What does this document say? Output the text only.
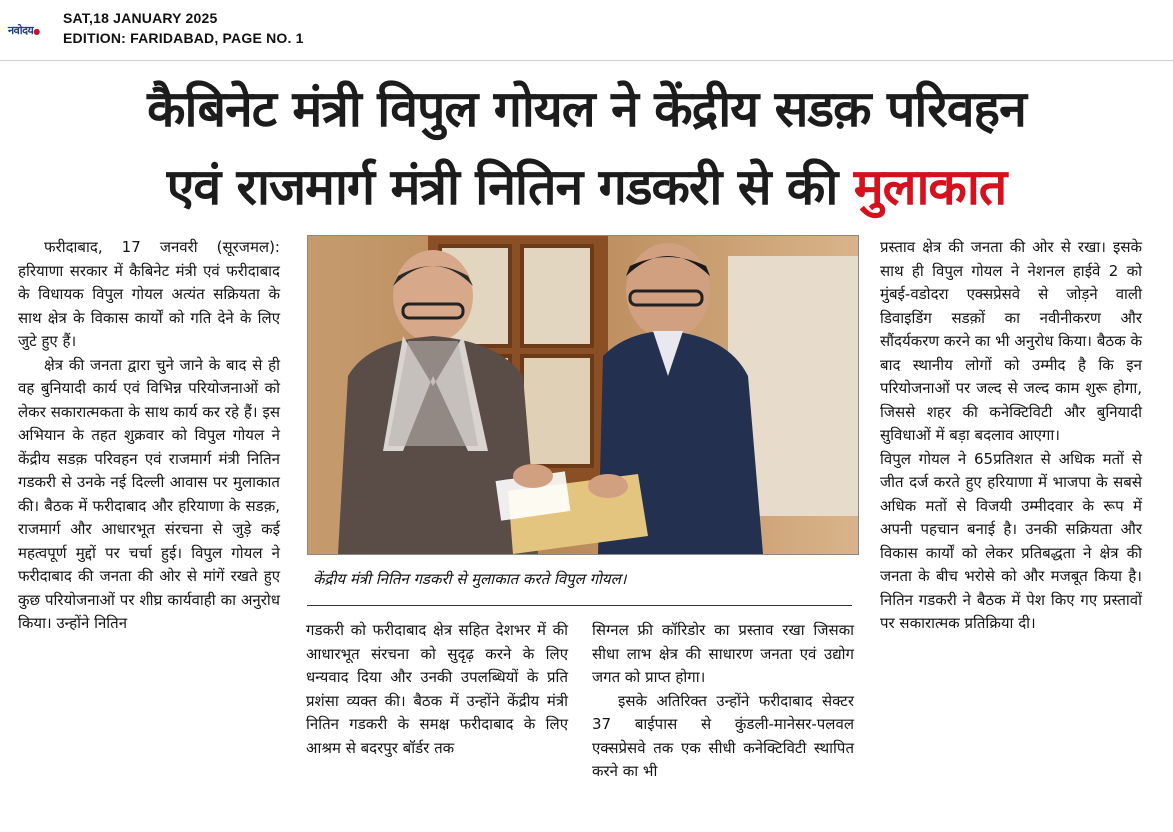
नवोदय●
SAT,18 JANUARY 2025
EDITION: FARIDABAD, PAGE NO. 1
कैबिनेट मंत्री विपुल गोयल ने केंद्रीय सडक़ परिवहन
एवं राजमार्ग मंत्री नितिन गडकरी से की मुलाकात

फरीदाबाद, 17 जनवरी (सूरजमल): हरियाणा सरकार में कैबिनेट मंत्री एवं फरीदाबाद के विधायक विपुल गोयल अत्यंत सक्रियता के साथ क्षेत्र के विकास कार्यों को गति देने के लिए जुटे हुए हैं।

क्षेत्र की जनता द्वारा चुने जाने के बाद से ही वह बुनियादी कार्य एवं विभिन्न परियोजनाओं को लेकर सकारात्मकता के साथ कार्य कर रहे हैं। इस अभियान के तहत शुक्रवार को विपुल गोयल ने केंद्रीय सडक़ परिवहन एवं राजमार्ग मंत्री नितिन गडकरी से उनके नई दिल्ली आवास पर मुलाकात की। बैठक में फरीदाबाद और हरियाणा के सडक़, राजमार्ग और आधारभूत संरचना से जुड़े कई महत्वपूर्ण मुद्दों पर चर्चा हुई। विपुल गोयल ने फरीदाबाद की जनता की ओर से मांगें रखते हुए कुछ परियोजनाओं पर शीघ्र कार्यवाही का अनुरोध किया। उन्होंने नितिन

केंद्रीय मंत्री नितिन गडकरी से मुलाकात करते विपुल गोयल।

गडकरी को फरीदाबाद क्षेत्र सहित देशभर में की आधारभूत संरचना को सुदृढ़ करने के लिए धन्यवाद दिया और उनकी उपलब्धियों के प्रति प्रशंसा व्यक्त की। बैठक में उन्होंने केंद्रीय मंत्री नितिन गडकरी के समक्ष फरीदाबाद के लिए आश्रम से बदरपुर बॉर्डर तक

सिग्नल फ्री कॉरिडोर का प्रस्ताव रखा जिसका सीधा लाभ क्षेत्र की साधारण जनता एवं उद्योग जगत को प्राप्त होगा।

इसके अतिरिक्त उन्होंने फरीदाबाद सेक्टर 37 बाईपास से कुंडली-मानेसर-पलवल एक्सप्रेसवे तक एक सीधी कनेक्टिविटी स्थापित करने का भी

प्रस्ताव क्षेत्र की जनता की ओर से रखा। इसके साथ ही विपुल गोयल ने नेशनल हाईवे 2 को मुंबई-वडोदरा एक्सप्रेसवे से जोड़ने वाली डिवाइडिंग सडक़ों का नवीनीकरण और सौंदर्यकरण करने का भी अनुरोध किया। बैठक के बाद स्थानीय लोगों को उम्मीद है कि इन परियोजनाओं पर जल्द से जल्द काम शुरू होगा, जिससे शहर की कनेक्टिविटी और बुनियादी सुविधाओं में बड़ा बदलाव आएगा।

विपुल गोयल ने 65प्रतिशत से अधिक मतों से जीत दर्ज करते हुए हरियाणा में भाजपा के सबसे अधिक मतों से विजयी उम्मीदवार के रूप में अपनी पहचान बनाई है। उनकी सक्रियता और विकास कार्यों को लेकर प्रतिबद्धता ने क्षेत्र की जनता के बीच भरोसे को और मजबूत किया है। नितिन गडकरी ने बैठक में पेश किए गए प्रस्तावों पर सकारात्मक प्रतिक्रिया दी।
